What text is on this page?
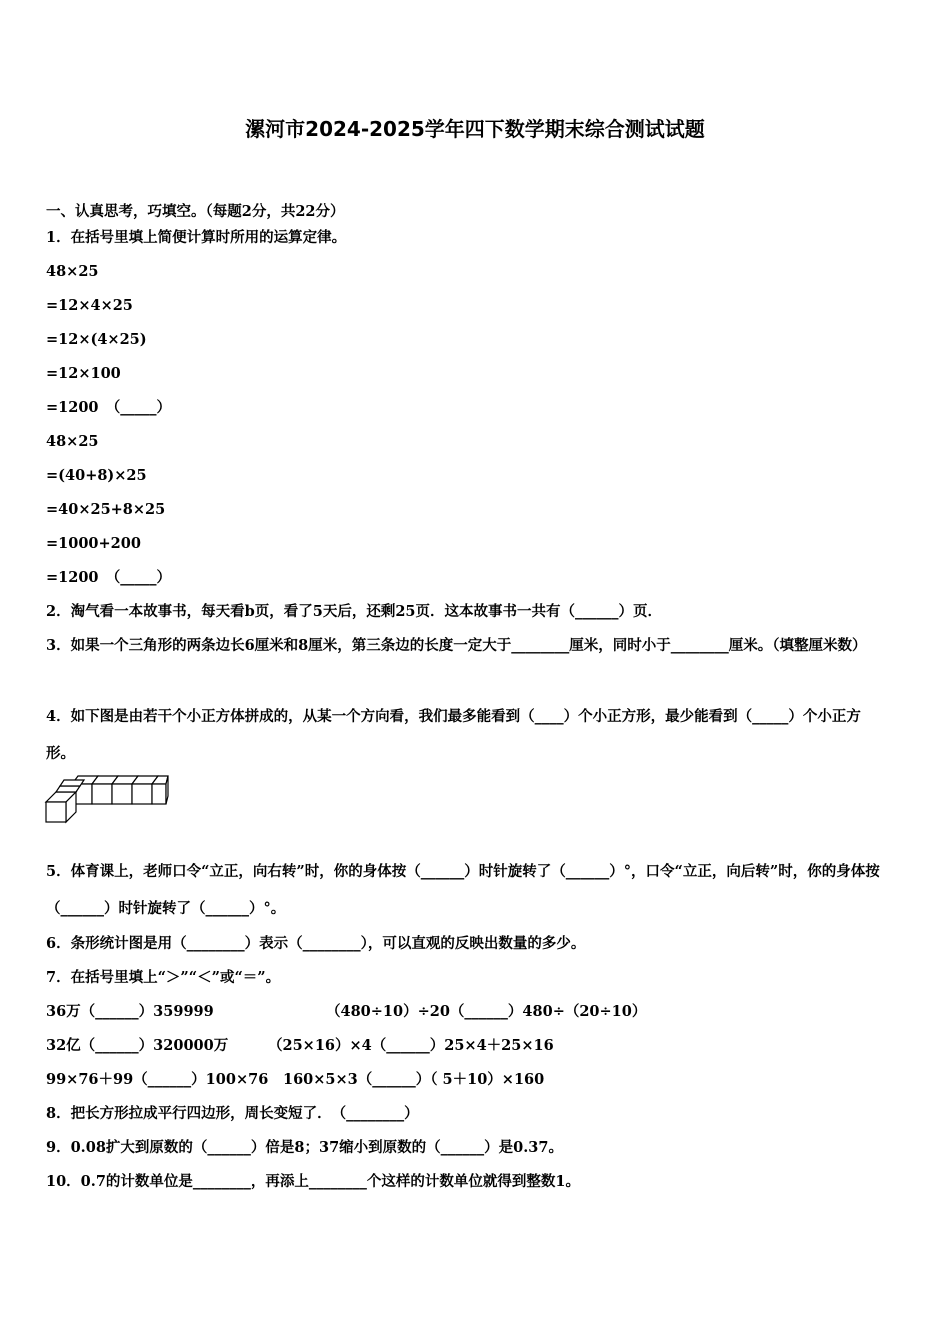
漯河市2024-2025学年四下数学期末综合测试试题
一、认真思考，巧填空。（每题2分，共22分）
1．在括号里填上简便计算时所用的运算定律。
48×25
=12×4×25
=12×(4×25)
=12×100
=1200　（_____）
48×25
=(40+8)×25
=40×25+8×25
=1000+200
=1200　（_____）
2．淘气看一本故事书，每天看b页，看了5天后，还剩25页．这本故事书一共有（______）页．
3．如果一个三角形的两条边长6厘米和8厘米，第三条边的长度一定大于________厘米，同时小于________厘米。（填整厘米数）
4．如下图是由若干个小正方体拼成的，从某一个方向看，我们最多能看到（____）个小正方形，最少能看到（_____）个小正方形。
5．体育课上，老师口令“立正，向右转”时，你的身体按（______）时针旋转了（______）°，口令“立正，向后转”时，你的身体按（______）时针旋转了（______）°。
6．条形统计图是用（________）表示（________），可以直观的反映出数量的多少。
7．在括号里填上“＞”“＜”或“＝”。
36万（______）359999	（480÷10）÷20（______）480÷（20÷10）
32亿（______）320000万	（25×16）×4（______）25×4＋25×16
99×76＋99（______）100×76 160×5×3（______）（ 5＋10）×160
8．把长方形拉成平行四边形，周长变短了．　（________）
9．0.08扩大到原数的（______）倍是8；37缩小到原数的（______）是0.37。
10．0.7的计数单位是________，再添上________个这样的计数单位就得到整数1。
